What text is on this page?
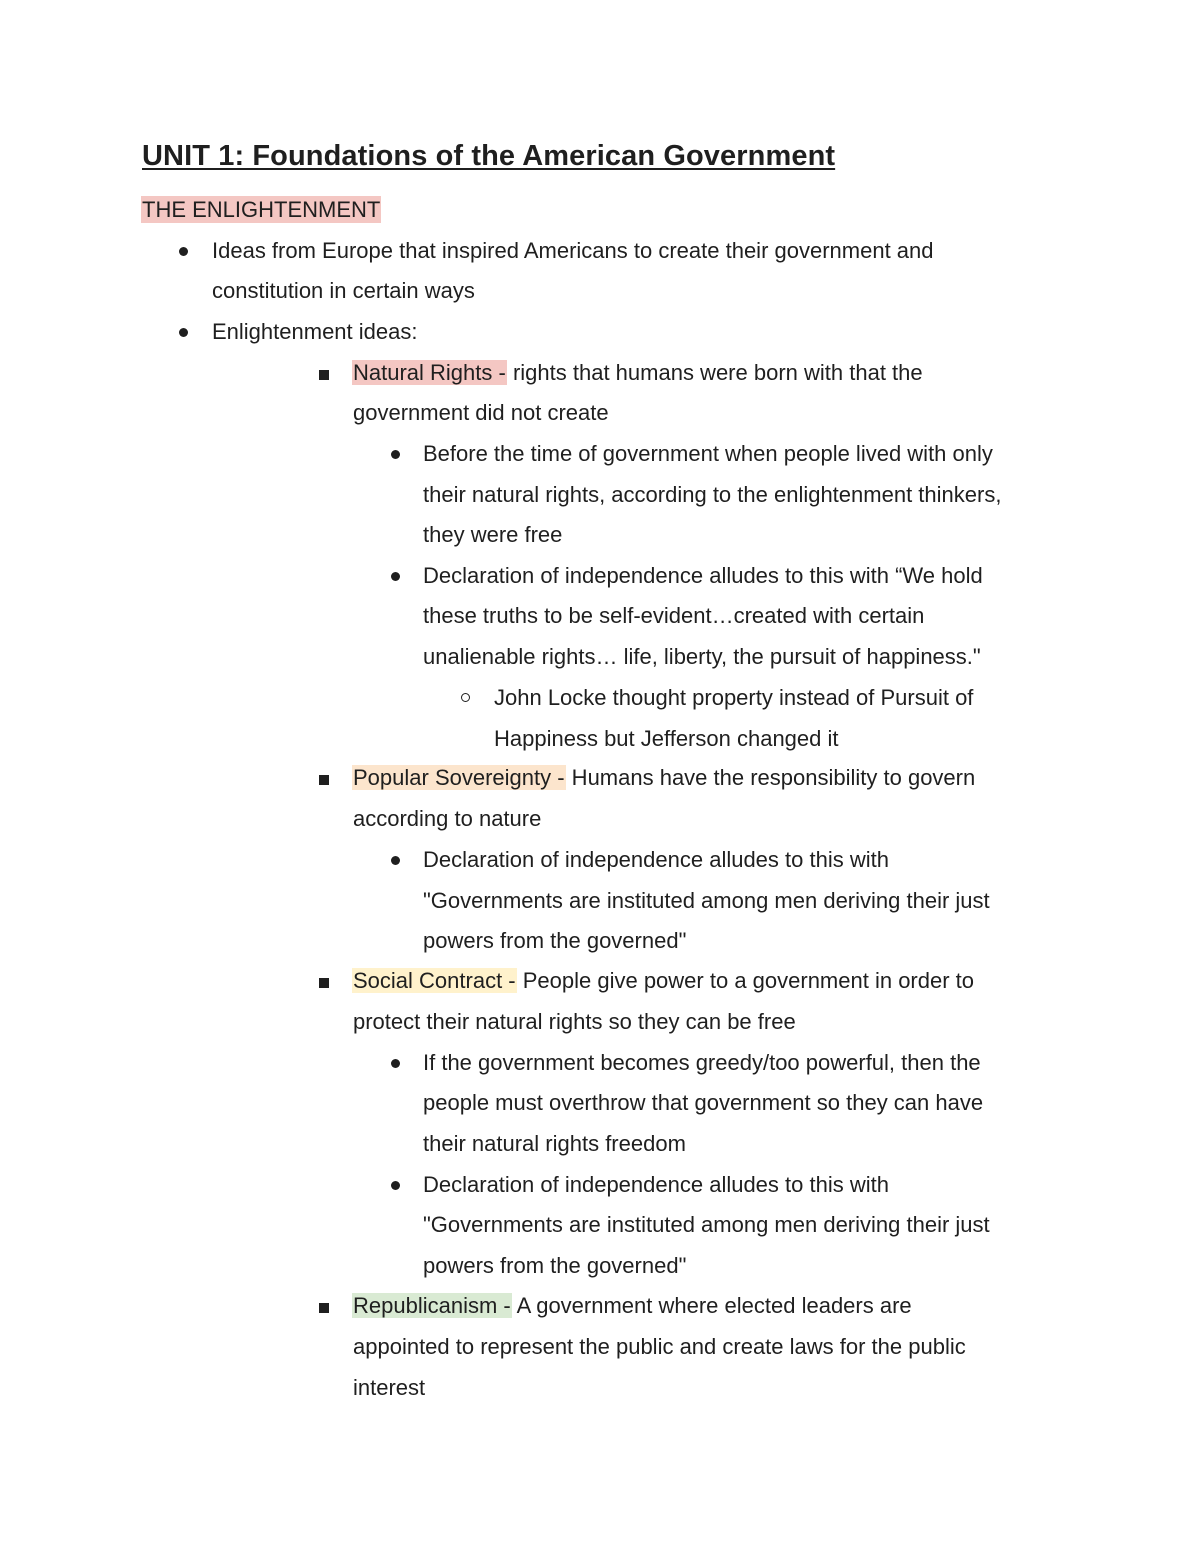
UNIT 1: Foundations of the American Government
THE ENLIGHTENMENT
Ideas from Europe that inspired Americans to create their government and
constitution in certain ways
Enlightenment ideas:
Natural Rights - rights that humans were born with that the
government did not create
Before the time of government when people lived with only
their natural rights, according to the enlightenment thinkers,
they were free
Declaration of independence alludes to this with “We hold
these truths to be self-evident…created with certain
unalienable rights… life, liberty, the pursuit of happiness."
John Locke thought property instead of Pursuit of
Happiness but Jefferson changed it
Popular Sovereignty - Humans have the responsibility to govern
according to nature
Declaration of independence alludes to this with
"Governments are instituted among men deriving their just
powers from the governed"
Social Contract - People give power to a government in order to
protect their natural rights so they can be free
If the government becomes greedy/too powerful, then the
people must overthrow that government so they can have
their natural rights freedom
Declaration of independence alludes to this with
"Governments are instituted among men deriving their just
powers from the governed"
Republicanism - A government where elected leaders are
appointed to represent the public and create laws for the public
interest
